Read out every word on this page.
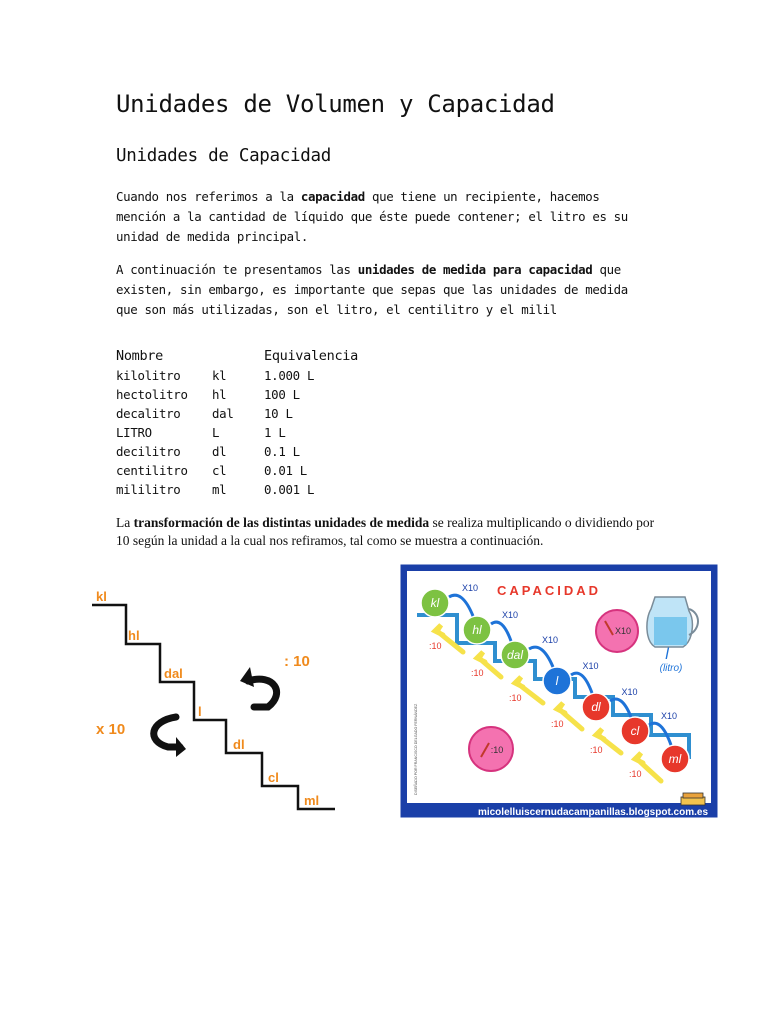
Unidades de Volumen y Capacidad
Unidades de Capacidad

Cuando nos referimos a la capacidad que tiene un recipiente, hacemos mención a la cantidad de líquido que éste puede contener; el litro es su unidad de medida principal.

A continuación te presentamos las unidades de medida para capacidad que existen, sin embargo, es importante que sepas que las unidades de medida que son más utilizadas, son el litro, el centilitro y el milil

Nombre		Equivalencia
kilolitro	kl	1.000 L
hectolitro	hl	100 L
decalitro	dal	10 L
LITRO	L	1 L
decilitro	dl	0.1 L
centilitro	cl	0.01 L
mililitro	ml	0.001 L

La transformación de las distintas unidades de medida se realiza multiplicando o dividiendo por 10 según la unidad a la cual nos refiramos, tal como se muestra a continuación.

kl
hl
dal
l
dl
cl
ml
: 10
x 10
CAPACIDAD
kl
hl
dal
l
dl
cl
ml
X10
:10
X10
:10
X10
:10
X10
:10
X10
:10
X10
:10
l
(litro)
X10
:10
DISEÑADO POR FRANCISCO DELGADO FERNÁNDEZ
micolelluiscernudacampanillas.blogspot.com.es
